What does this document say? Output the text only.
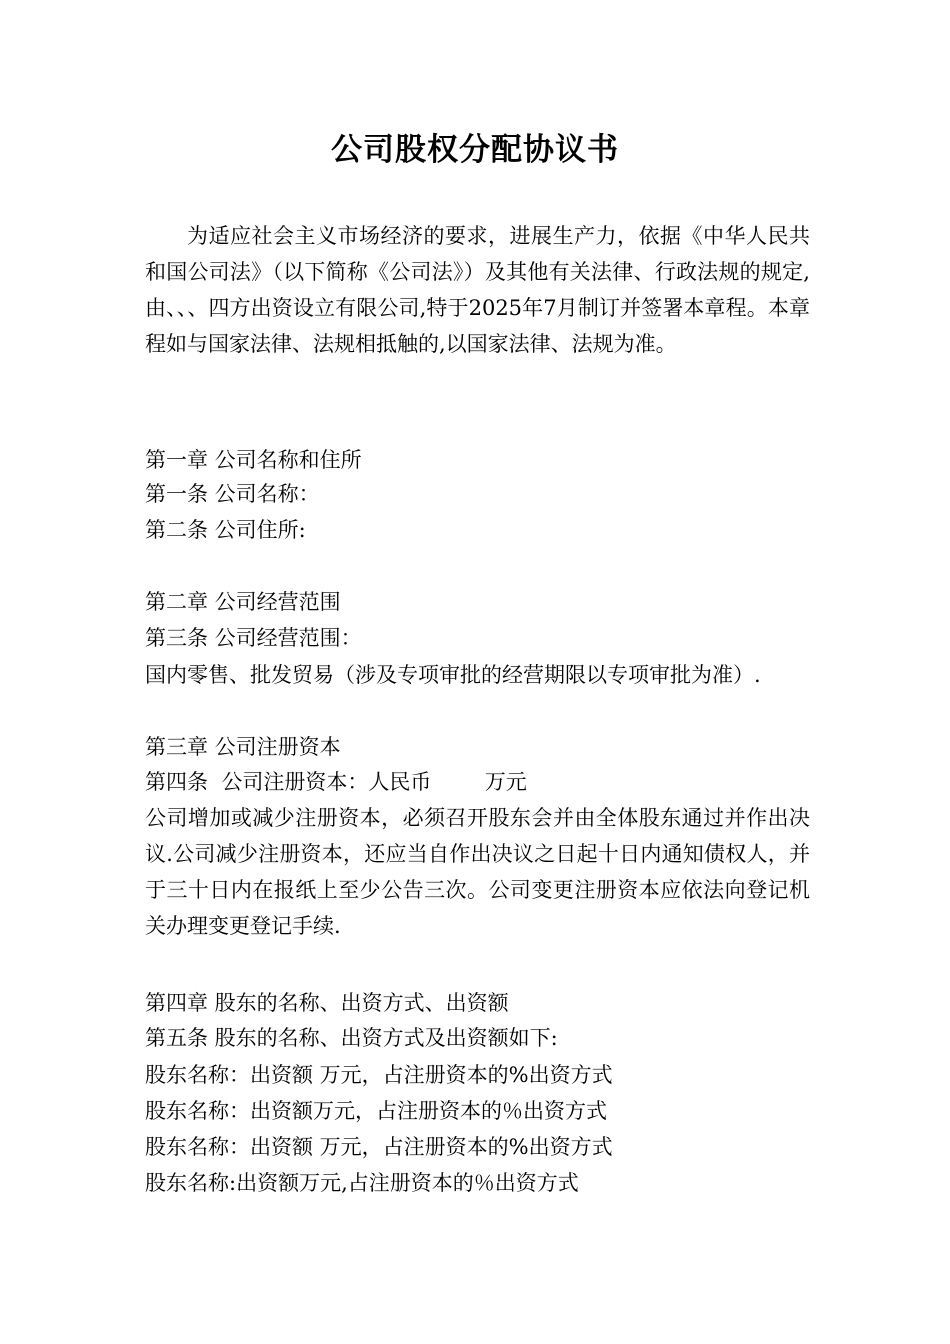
公司股权分配协议书

为适应社会主义市场经济的要求，进展生产力，依据《中华人民共和国公司法》（以下简称《公司法》）及其他有关法律、行政法规的规定,由、、、四方出资设立有限公司,特于2025年7月制订并签署本章程。本章程如与国家法律、法规相抵触的,以国家法律、法规为准。

第一章 公司名称和住所
第一条 公司名称：
第二条 公司住所:
第二章 公司经营范围
第三条 公司经营范围：
国内零售、批发贸易（涉及专项审批的经营期限以专项审批为准）.
第三章 公司注册资本
第四条  公司注册资本：人民币        万元

公司增加或减少注册资本，必须召开股东会并由全体股东通过并作出决议.公司减少注册资本，还应当自作出决议之日起十日内通知债权人，并于三十日内在报纸上至少公告三次。公司变更注册资本应依法向登记机关办理变更登记手续.

第四章 股东的名称、出资方式、出资额
第五条 股东的名称、出资方式及出资额如下:
股东名称：出资额 万元，占注册资本的%出资方式
股东名称：出资额万元，占注册资本的％出资方式
股东名称：出资额 万元，占注册资本的%出资方式
股东名称:出资额万元,占注册资本的％出资方式
